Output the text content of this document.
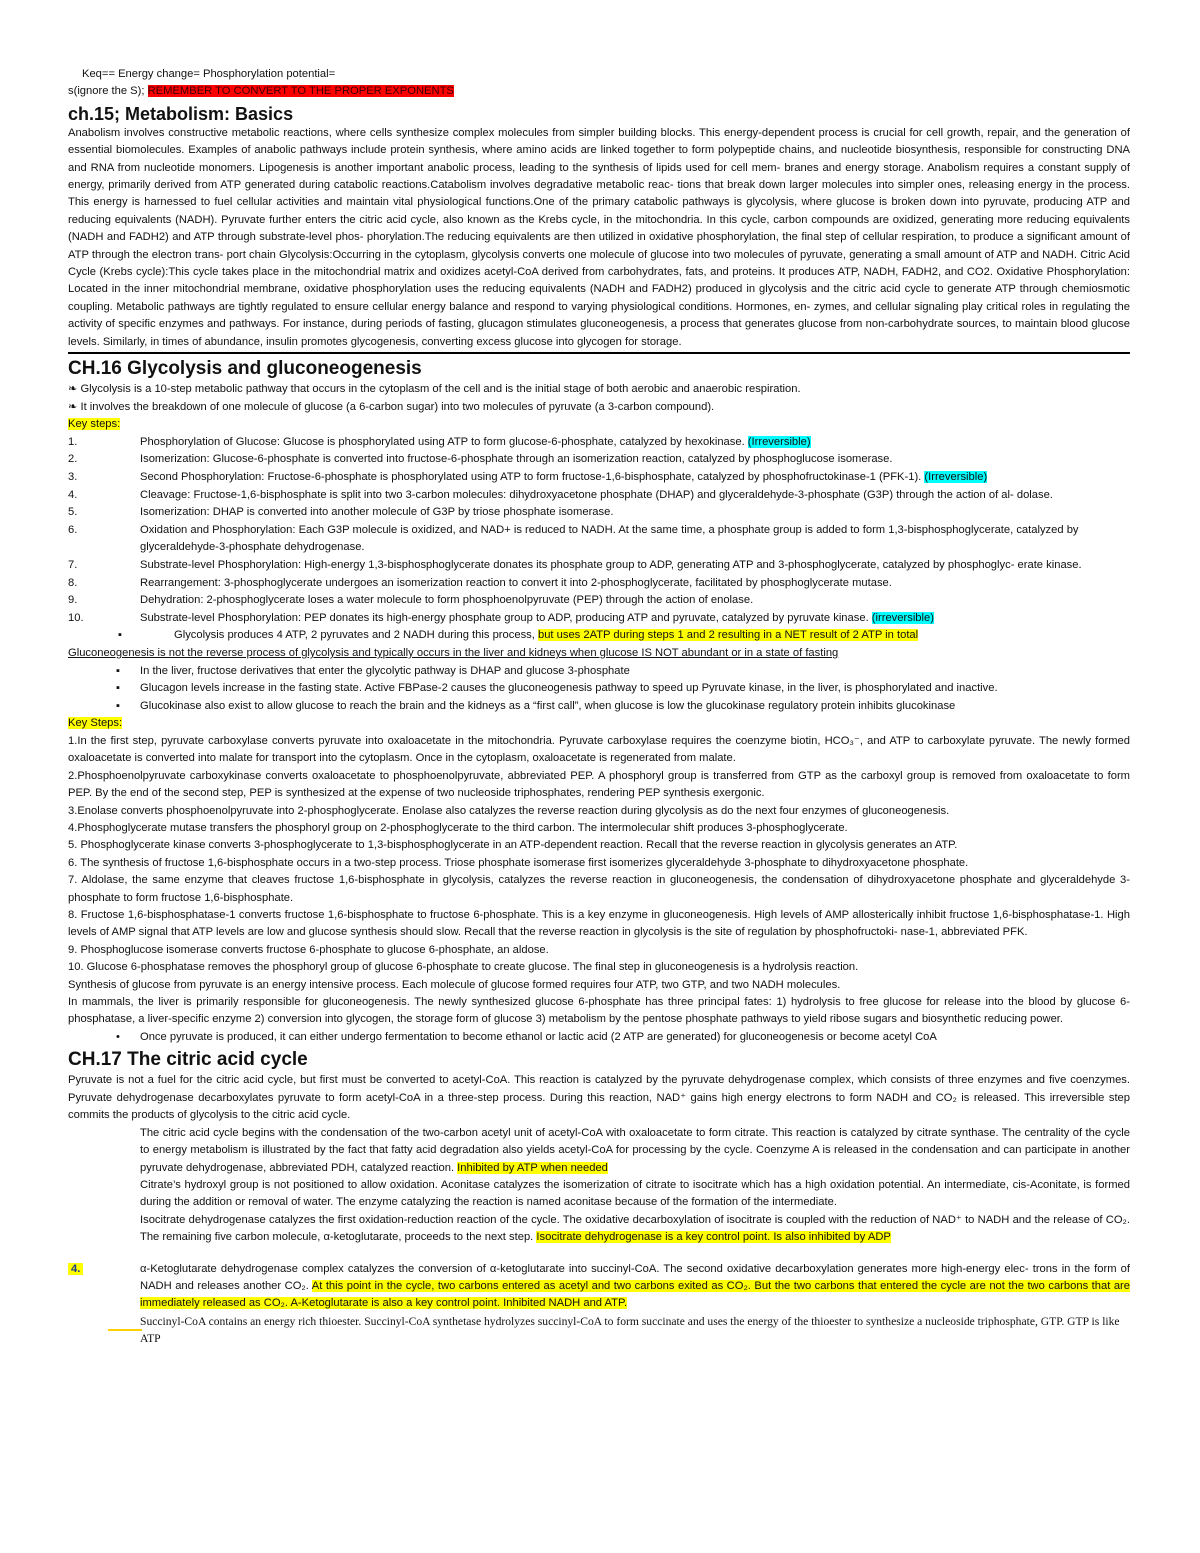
Keq== Energy change= Phosphorylation potential=
s(ignore the S); REMEMBER TO CONVERT TO THE PROPER EXPONENTS
ch.15; Metabolism: Basics

Anabolism involves constructive metabolic reactions, where cells synthesize complex molecules from simpler building blocks. This energy-dependent process is crucial for cell growth, repair, and the generation of essential biomolecules. Examples of anabolic pathways include protein synthesis, where amino acids are linked together to form polypeptide chains, and nucleotide biosynthesis, responsible for constructing DNA and RNA from nucleotide monomers. Lipogenesis is another important anabolic process, leading to the synthesis of lipids used for cell mem- branes and energy storage. Anabolism requires a constant supply of energy, primarily derived from ATP generated during catabolic reactions.Catabolism involves degradative metabolic reac- tions that break down larger molecules into simpler ones, releasing energy in the process. This energy is harnessed to fuel cellular activities and maintain vital physiological functions.One of the primary catabolic pathways is glycolysis, where glucose is broken down into pyruvate, producing ATP and reducing equivalents (NADH). Pyruvate further enters the citric acid cycle, also known as the Krebs cycle, in the mitochondria. In this cycle, carbon compounds are oxidized, generating more reducing equivalents (NADH and FADH2) and ATP through substrate-level phos- phorylation.The reducing equivalents are then utilized in oxidative phosphorylation, the final step of cellular respiration, to produce a significant amount of ATP through the electron trans- port chain Glycolysis:Occurring in the cytoplasm, glycolysis converts one molecule of glucose into two molecules of pyruvate, generating a small amount of ATP and NADH. Citric Acid Cycle (Krebs cycle):This cycle takes place in the mitochondrial matrix and oxidizes acetyl-CoA derived from carbohydrates, fats, and proteins. It produces ATP, NADH, FADH2, and CO2. Oxidative Phosphorylation: Located in the inner mitochondrial membrane, oxidative phosphorylation uses the reducing equivalents (NADH and FADH2) produced in glycolysis and the citric acid cycle to generate ATP through chemiosmotic coupling. Metabolic pathways are tightly regulated to ensure cellular energy balance and respond to varying physiological conditions. Hormones, en- zymes, and cellular signaling play critical roles in regulating the activity of specific enzymes and pathways. For instance, during periods of fasting, glucagon stimulates gluconeogenesis, a process that generates glucose from non-carbohydrate sources, to maintain blood glucose levels. Similarly, in times of abundance, insulin promotes glycogenesis, converting excess glucose into glycogen for storage.

CH.16 Glycolysis and gluconeogenesis
❧ Glycolysis is a 10-step metabolic pathway that occurs in the cytoplasm of the cell and is the initial stage of both aerobic and anaerobic respiration.
❧ It involves the breakdown of one molecule of glucose (a 6-carbon sugar) into two molecules of pyruvate (a 3-carbon compound).
Key steps:
1.	Phosphorylation of Glucose: Glucose is phosphorylated using ATP to form glucose-6-phosphate, catalyzed by hexokinase. (Irreversible)
2.	Isomerization: Glucose-6-phosphate is converted into fructose-6-phosphate through an isomerization reaction, catalyzed by phosphoglucose isomerase.
3.	Second Phosphorylation: Fructose-6-phosphate is phosphorylated using ATP to form fructose-1,6-bisphosphate, catalyzed by phosphofructokinase-1 (PFK-1). (Irreversible)
4.	Cleavage: Fructose-1,6-bisphosphate is split into two 3-carbon molecules: dihydroxyacetone phosphate (DHAP) and glyceraldehyde-3-phosphate (G3P) through the action of al- dolase.
5.	Isomerization: DHAP is converted into another molecule of G3P by triose phosphate isomerase.
6.	Oxidation and Phosphorylation: Each G3P molecule is oxidized, and NAD+ is reduced to NADH. At the same time, a phosphate group is added to form 1,3-bisphosphoglycerate, catalyzed by glyceraldehyde-3-phosphate dehydrogenase.
7.	Substrate-level Phosphorylation: High-energy 1,3-bisphosphoglycerate donates its phosphate group to ADP, generating ATP and 3-phosphoglycerate, catalyzed by phosphoglyc- erate kinase.
8.	Rearrangement: 3-phosphoglycerate undergoes an isomerization reaction to convert it into 2-phosphoglycerate, facilitated by phosphoglycerate mutase.
9.	Dehydration: 2-phosphoglycerate loses a water molecule to form phosphoenolpyruvate (PEP) through the action of enolase.
10.	Substrate-level Phosphorylation: PEP donates its high-energy phosphate group to ADP, producing ATP and pyruvate, catalyzed by pyruvate kinase. (irreversible)
▪	Glycolysis produces 4 ATP, 2 pyruvates and 2 NADH during this process, but uses 2ATP during steps 1 and 2 resulting in a NET result of 2 ATP in total
Gluconeogenesis is not the reverse process of glycolysis and typically occurs in the liver and kidneys when glucose IS NOT abundant or in a state of fasting
▪	In the liver, fructose derivatives that enter the glycolytic pathway is DHAP and glucose 3-phosphate
▪	Glucagon levels increase in the fasting state. Active FBPase-2 causes the gluconeogenesis pathway to speed up Pyruvate kinase, in the liver, is phosphorylated and inactive.
▪	Glucokinase also exist to allow glucose to reach the brain and the kidneys as a “first call”, when glucose is low the glucokinase regulatory protein inhibits glucokinase
Key Steps:

1.In the first step, pyruvate carboxylase converts pyruvate into oxaloacetate in the mitochondria. Pyruvate carboxylase requires the coenzyme biotin, HCO₃⁻, and ATP to carboxylate pyruvate. The newly formed oxaloacetate is converted into malate for transport into the cytoplasm. Once in the cytoplasm, oxaloacetate is regenerated from malate.

2.Phosphoenolpyruvate carboxykinase converts oxaloacetate to phosphoenolpyruvate, abbreviated PEP. A phosphoryl group is transferred from GTP as the carboxyl group is removed from oxaloacetate to form PEP. By the end of the second step, PEP is synthesized at the expense of two nucleoside triphosphates, rendering PEP synthesis exergonic.

3.Enolase converts phosphoenolpyruvate into 2-phosphoglycerate. Enolase also catalyzes the reverse reaction during glycolysis as do the next four enzymes of gluconeogenesis.

4.Phosphoglycerate mutase transfers the phosphoryl group on 2-phosphoglycerate to the third carbon. The intermolecular shift produces 3-phosphoglycerate.

5. Phosphoglycerate kinase converts 3-phosphoglycerate to 1,3-bisphosphoglycerate in an ATP-dependent reaction. Recall that the reverse reaction in glycolysis generates an ATP.

6. The synthesis of fructose 1,6-bisphosphate occurs in a two-step process. Triose phosphate isomerase first isomerizes glyceraldehyde 3-phosphate to dihydroxyacetone phosphate.

7. Aldolase, the same enzyme that cleaves fructose 1,6-bisphosphate in glycolysis, catalyzes the reverse reaction in gluconeogenesis, the condensation of dihydroxyacetone phosphate and glyceraldehyde 3-phosphate to form fructose 1,6-bisphosphate.

8. Fructose 1,6-bisphosphatase-1 converts fructose 1,6-bisphosphate to fructose 6-phosphate. This is a key enzyme in gluconeogenesis. High levels of AMP allosterically inhibit fructose 1,6-bisphosphatase-1. High levels of AMP signal that ATP levels are low and glucose synthesis should slow. Recall that the reverse reaction in glycolysis is the site of regulation by phosphofructoki- nase-1, abbreviated PFK.

9. Phosphoglucose isomerase converts fructose 6-phosphate to glucose 6-phosphate, an aldose.

10. Glucose 6-phosphatase removes the phosphoryl group of glucose 6-phosphate to create glucose. The final step in gluconeogenesis is a hydrolysis reaction.

Synthesis of glucose from pyruvate is an energy intensive process. Each molecule of glucose formed requires four ATP, two GTP, and two NADH molecules.

In mammals, the liver is primarily responsible for gluconeogenesis. The newly synthesized glucose 6-phosphate has three principal fates: 1) hydrolysis to free glucose for release into the blood by glucose 6-phosphatase, a liver-specific enzyme 2) conversion into glycogen, the storage form of glucose 3) metabolism by the pentose phosphate pathways to yield ribose sugars and biosynthetic reducing power.

•	Once pyruvate is produced, it can either undergo fermentation to become ethanol or lactic acid (2 ATP are generated) for gluconeogenesis or become acetyl CoA
CH.17 The citric acid cycle

Pyruvate is not a fuel for the citric acid cycle, but first must be converted to acetyl-CoA. This reaction is catalyzed by the pyruvate dehydrogenase complex, which consists of three enzymes and five coenzymes. Pyruvate dehydrogenase decarboxylates pyruvate to form acetyl-CoA in a three-step process. During this reaction, NAD⁺ gains high energy electrons to form NADH and CO₂ is released. This irreversible step commits the products of glycolysis to the citric acid cycle.

The citric acid cycle begins with the condensation of the two-carbon acetyl unit of acetyl-CoA with oxaloacetate to form citrate. This reaction is catalyzed by citrate synthase. The centrality of the cycle to energy metabolism is illustrated by the fact that fatty acid degradation also yields acetyl-CoA for processing by the cycle. Coenzyme A is released in the condensation and can participate in another pyruvate dehydrogenase, abbreviated PDH, catalyzed reaction. Inhibited by ATP when needed

Citrate’s hydroxyl group is not positioned to allow oxidation. Aconitase catalyzes the isomerization of citrate to isocitrate which has a high oxidation potential. An intermediate, cis-Aconitate, is formed during the addition or removal of water. The enzyme catalyzing the reaction is named aconitase because of the formation of the intermediate.

Isocitrate dehydrogenase catalyzes the first oxidation-reduction reaction of the cycle. The oxidative decarboxylation of isocitrate is coupled with the reduction of NAD⁺ to NADH and the release of CO₂. The remaining five carbon molecule, α-ketoglutarate, proceeds to the next step. Isocitrate dehydrogenase is a key control point. Is also inhibited by ADP

4.	α-Ketoglutarate dehydrogenase complex catalyzes the conversion of α-ketoglutarate into succinyl-CoA. The second oxidative decarboxylation generates more high-energy elec- trons in the form of NADH and releases another CO₂. At this point in the cycle, two carbons entered as acetyl and two carbons exited as CO₂. But the two carbons that entered the cycle are not the two carbons that are immediately released as CO₂. A-Ketoglutarate is also a key control point. Inhibited NADH and ATP.

Succinyl-CoA contains an energy rich thioester. Succinyl-CoA synthetase hydrolyzes succinyl-CoA to form succinate and uses the energy of the thioester to synthesize a nucleoside triphosphate, GTP. GTP is like ATP
